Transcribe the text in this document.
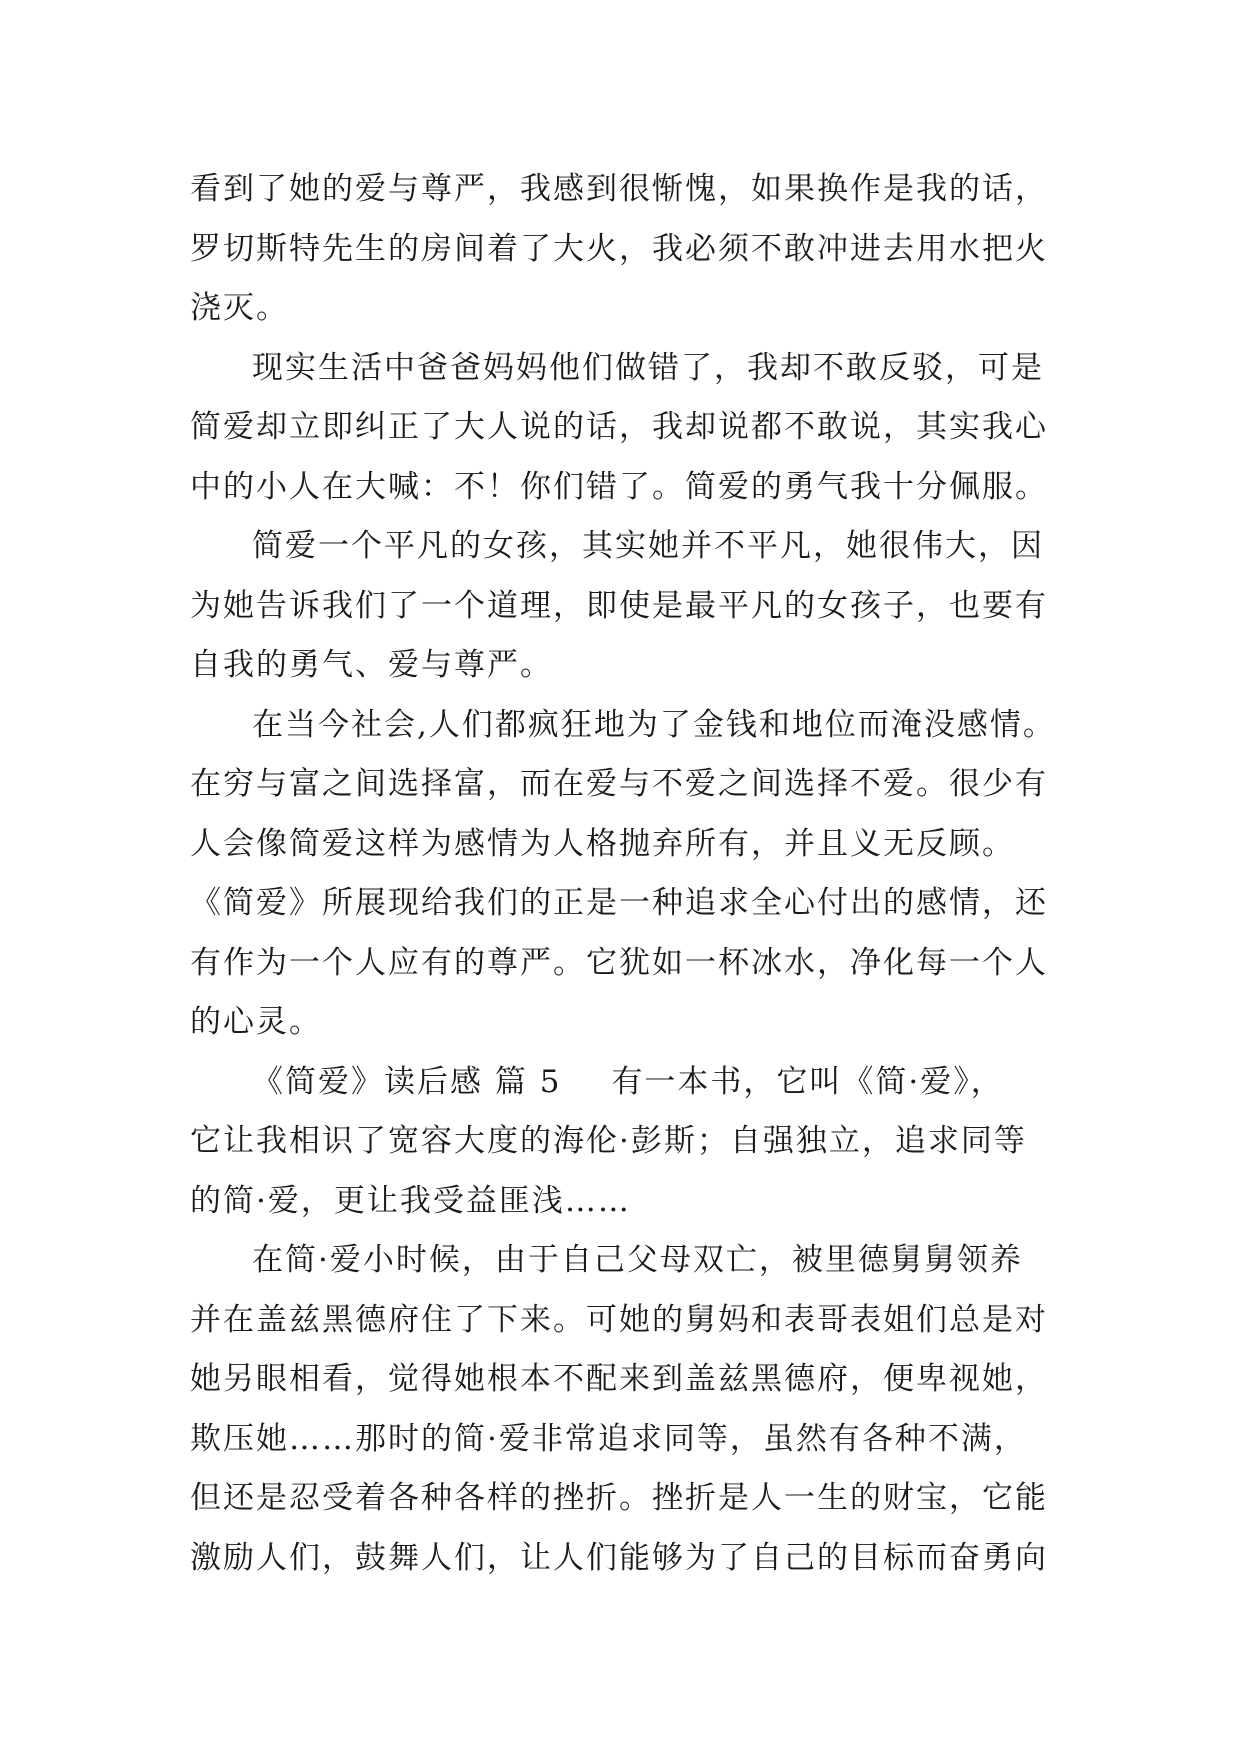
看到了她的爱与尊严，我感到很惭愧，如果换作是我的话，
罗切斯特先生的房间着了大火，我必须不敢冲进去用水把火
浇灭。
现实生活中爸爸妈妈他们做错了，我却不敢反驳，可是
简爱却立即纠正了大人说的话，我却说都不敢说，其实我心
中的小人在大喊：不！你们错了。简爱的勇气我十分佩服。
简爱一个平凡的女孩，其实她并不平凡，她很伟大，因
为她告诉我们了一个道理，即使是最平凡的女孩子，也要有
自我的勇气、爱与尊严。
在当今社会,人们都疯狂地为了金钱和地位而淹没感情。
在穷与富之间选择富，而在爱与不爱之间选择不爱。很少有
人会像简爱这样为感情为人格抛弃所有，并且义无反顾。
《简爱》所展现给我们的正是一种追求全心付出的感情，还
有作为一个人应有的尊严。它犹如一杯冰水，净化每一个人
的心灵。
《简爱》读后感 篇 5 有一本书，它叫《简·爱》，
它让我相识了宽容大度的海伦·彭斯；自强独立，追求同等
的简·爱，更让我受益匪浅……
在简·爱小时候，由于自己父母双亡，被里德舅舅领养
并在盖兹黑德府住了下来。可她的舅妈和表哥表姐们总是对
她另眼相看，觉得她根本不配来到盖兹黑德府，便卑视她，
欺压她……那时的简·爱非常追求同等，虽然有各种不满，
但还是忍受着各种各样的挫折。挫折是人一生的财宝，它能
激励人们，鼓舞人们，让人们能够为了自己的目标而奋勇向
